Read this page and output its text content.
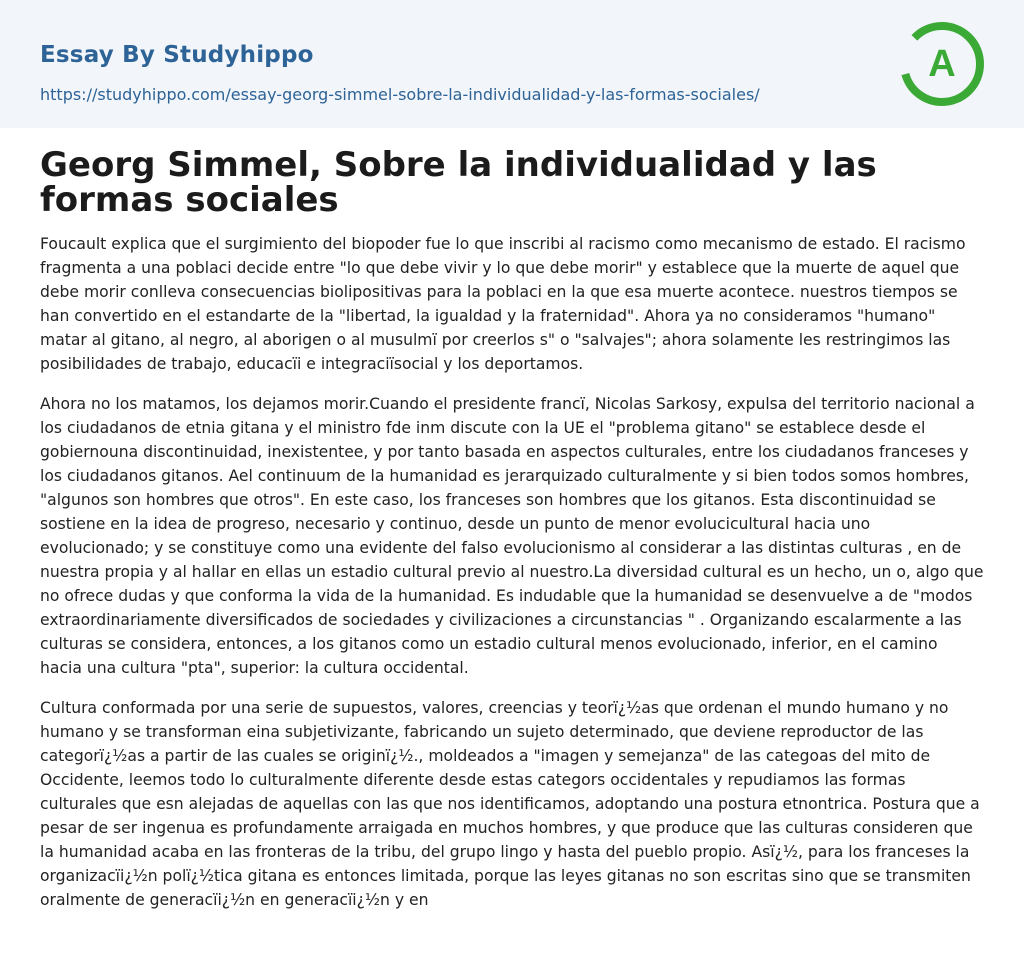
Essay By Studyhippo
https://studyhippo.com/essay-georg-simmel-sobre-la-individualidad-y-las-formas-sociales/
A
Georg Simmel, Sobre la individualidad y las formas sociales

Foucault explica que el surgimiento del biopoder fue lo que inscribi al racismo como mecanismo de estado. El racismo fragmenta a una poblaci decide entre "lo que debe vivir y lo que debe morir" y establece que la muerte de aquel que debe morir conlleva consecuencias biolipositivas para la poblaci en la que esa muerte acontece. nuestros tiempos se han convertido en el estandarte de la "libertad, la igualdad y la fraternidad". Ahora ya no consideramos "humano" matar al gitano, al negro, al aborigen o al musulmï por creerlos s" o "salvajes"; ahora solamente les restringimos las posibilidades de trabajo, educacïi e integraciïsocial y los deportamos.

Ahora no los matamos, los dejamos morir.Cuando el presidente francï, Nicolas Sarkosy, expulsa del territorio nacional a los ciudadanos de etnia gitana y el ministro fde inm discute con la UE el "problema gitano" se establece desde el gobiernouna discontinuidad, inexistentee, y por tanto basada en aspectos culturales, entre los ciudadanos franceses y los ciudadanos gitanos. Ael continuum de la humanidad es jerarquizado culturalmente y si bien todos somos hombres, "algunos son hombres que otros". En este caso, los franceses son hombres que los gitanos. Esta discontinuidad se sostiene en la idea de progreso, necesario y continuo, desde un punto de menor evolucicultural hacia uno evolucionado; y se constituye como una evidente del falso evolucionismo al considerar a las distintas culturas , en de nuestra propia y al hallar en ellas un estadio cultural previo al nuestro.La diversidad cultural es un hecho, un o, algo que no ofrece dudas y que conforma la vida de la humanidad. Es indudable que la humanidad se desenvuelve a de "modos extraordinariamente diversificados de sociedades y civilizaciones a circunstancias " . Organizando escalarmente a las culturas se considera, entonces, a los gitanos como un estadio cultural menos evolucionado, inferior, en el camino hacia una cultura "pta", superior: la cultura occidental.

Cultura conformada por una serie de supuestos, valores, creencias y teorï¿½as que ordenan el mundo humano y no humano y se transforman eina subjetivizante, fabricando un sujeto determinado, que deviene reproductor de las categorï¿½as a partir de las cuales se originï¿½., moldeados a "imagen y semejanza" de las categoas del mito de Occidente, leemos todo lo culturalmente diferente desde estas categors occidentales y repudiamos las formas culturales que esn alejadas de aquellas con las que nos identificamos, adoptando una postura etnontrica. Postura que a pesar de ser ingenua es profundamente arraigada en muchos hombres, y que produce que las culturas consideren que la humanidad acaba en las fronteras de la tribu, del grupo lingo y hasta del pueblo propio. Asï¿½, para los franceses la organizacïi¿½n polï¿½tica gitana es entonces limitada, porque las leyes gitanas no son escritas sino que se transmiten oralmente de generacïi¿½n en generacïi¿½n y en
